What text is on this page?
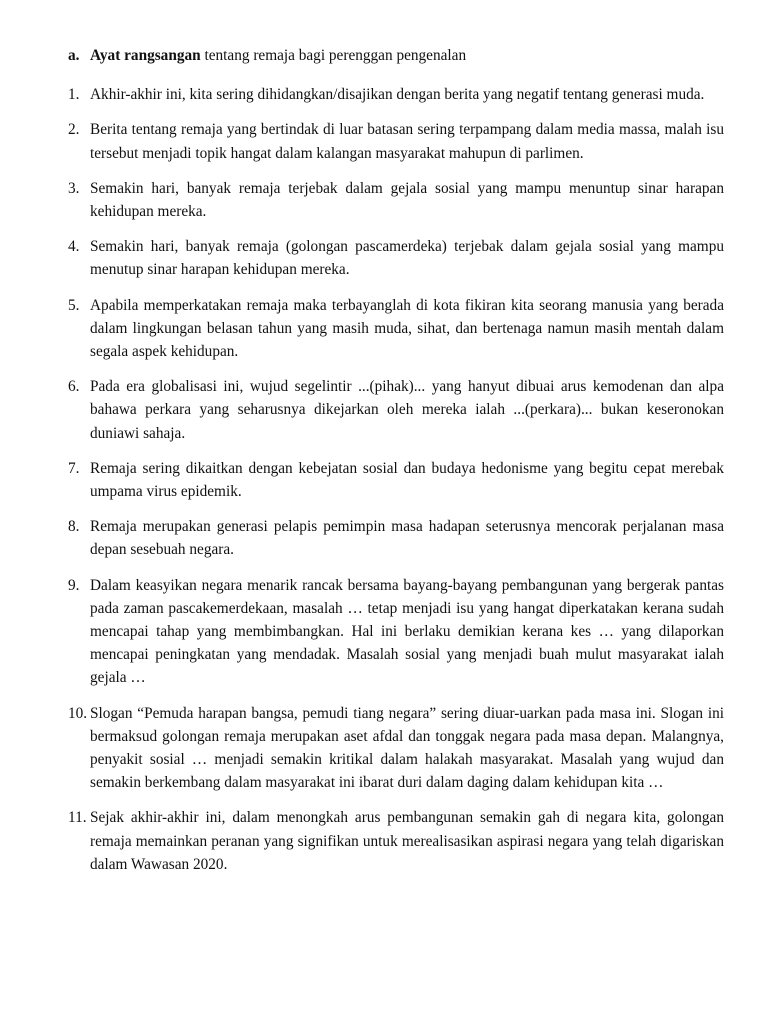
a. Ayat rangsangan tentang remaja bagi perenggan pengenalan
1. Akhir-akhir ini, kita sering dihidangkan/disajikan dengan berita yang negatif tentang generasi muda.
2. Berita tentang remaja yang bertindak di luar batasan sering terpampang dalam media massa, malah isu tersebut menjadi topik hangat dalam kalangan masyarakat mahupun di parlimen.
3. Semakin hari, banyak remaja terjebak dalam gejala sosial yang mampu menuntup sinar harapan kehidupan mereka.
4. Semakin hari, banyak remaja (golongan pascamerdeka) terjebak dalam gejala sosial yang mampu menutup sinar harapan kehidupan mereka.
5. Apabila memperkatakan remaja maka terbayanglah di kota fikiran kita seorang manusia yang berada dalam lingkungan belasan tahun yang masih muda, sihat, dan bertenaga namun masih mentah dalam segala aspek kehidupan.
6. Pada era globalisasi ini, wujud segelintir ...(pihak)... yang hanyut dibuai arus kemodenan dan alpa bahawa perkara yang seharusnya dikejarkan oleh mereka ialah ...(perkara)... bukan keseronokan duniawi sahaja.
7. Remaja sering dikaitkan dengan kebejatan sosial dan budaya hedonisme yang begitu cepat merebak umpama virus epidemik.
8. Remaja merupakan generasi pelapis pemimpin masa hadapan seterusnya mencorak perjalanan masa depan sesebuah negara.
9. Dalam keasyikan negara menarik rancak bersama bayang-bayang pembangunan yang bergerak pantas pada zaman pascakemerdekaan, masalah … tetap menjadi isu yang hangat diperkatakan kerana sudah mencapai tahap yang membimbangkan. Hal ini berlaku demikian kerana kes … yang dilaporkan mencapai peningkatan yang mendadak. Masalah sosial yang menjadi buah mulut masyarakat ialah gejala …
10. Slogan “Pemuda harapan bangsa, pemudi tiang negara” sering diuar-uarkan pada masa ini. Slogan ini bermaksud golongan remaja merupakan aset afdal dan tonggak negara pada masa depan. Malangnya, penyakit sosial … menjadi semakin kritikal dalam halakah masyarakat. Masalah yang wujud dan semakin berkembang dalam masyarakat ini ibarat duri dalam daging dalam kehidupan kita …
11. Sejak akhir-akhir ini, dalam menongkah arus pembangunan semakin gah di negara kita, golongan remaja memainkan peranan yang signifikan untuk merealisasikan aspirasi negara yang telah digariskan dalam Wawasan 2020.
